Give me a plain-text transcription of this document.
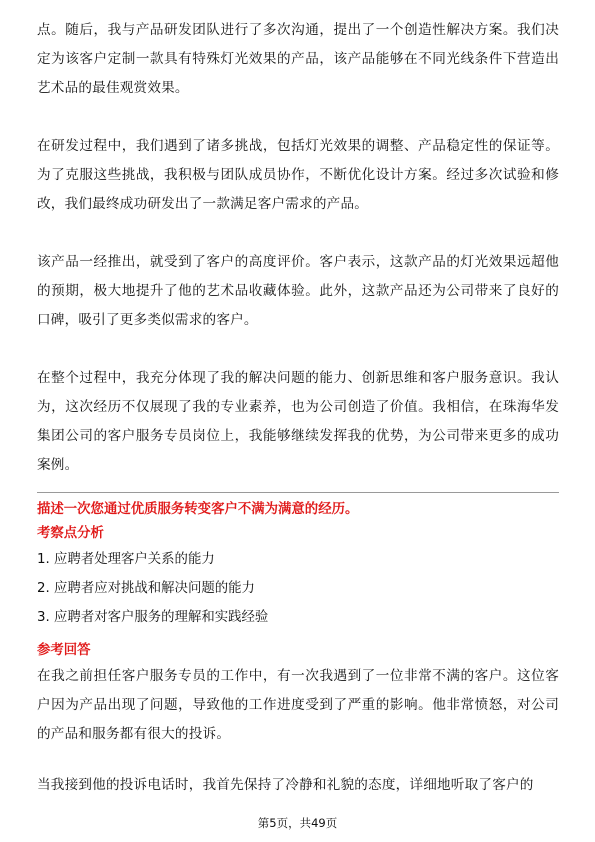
点。随后，我与产品研发团队进行了多次沟通，提出了一个创造性解决方案。我们决定为该客户定制一款具有特殊灯光效果的产品，该产品能够在不同光线条件下营造出艺术品的最佳观赏效果。

在研发过程中，我们遇到了诸多挑战，包括灯光效果的调整、产品稳定性的保证等。为了克服这些挑战，我积极与团队成员协作，不断优化设计方案。经过多次试验和修改，我们最终成功研发出了一款满足客户需求的产品。

该产品一经推出，就受到了客户的高度评价。客户表示，这款产品的灯光效果远超他的预期，极大地提升了他的艺术品收藏体验。此外，这款产品还为公司带来了良好的口碑，吸引了更多类似需求的客户。

在整个过程中，我充分体现了我的解决问题的能力、创新思维和客户服务意识。我认为，这次经历不仅展现了我的专业素养，也为公司创造了价值。我相信，在珠海华发集团公司的客户服务专员岗位上，我能够继续发挥我的优势，为公司带来更多的成功案例。

描述一次您通过优质服务转变客户不满为满意的经历。

考察点分析

1. 应聘者处理客户关系的能力

2. 应聘者应对挑战和解决问题的能力

3. 应聘者对客户服务的理解和实践经验

参考回答

在我之前担任客户服务专员的工作中，有一次我遇到了一位非常不满的客户。这位客户因为产品出现了问题，导致他的工作进度受到了严重的影响。他非常愤怒，对公司的产品和服务都有很大的投诉。

当我接到他的投诉电话时，我首先保持了冷静和礼貌的态度，详细地听取了客户的

第5页，共49页
